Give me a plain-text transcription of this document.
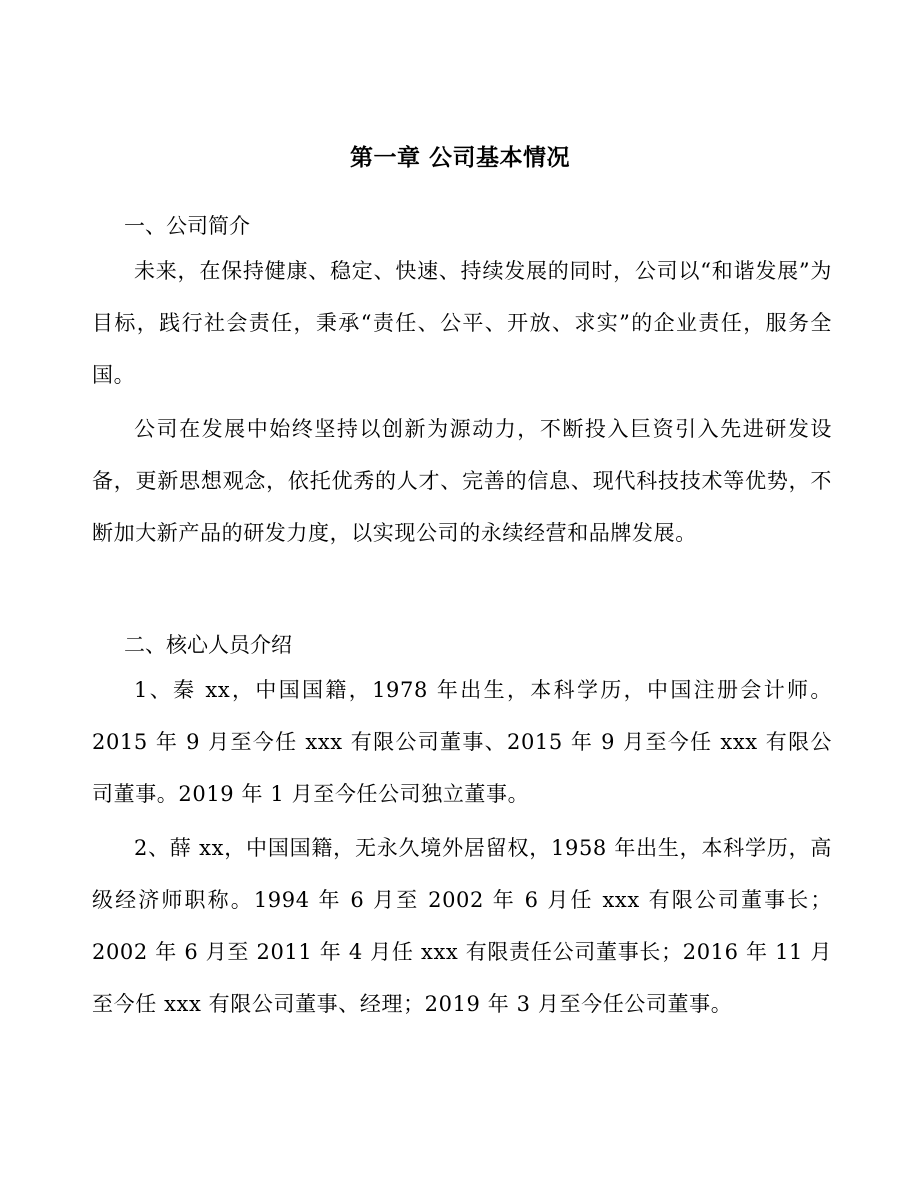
第一章 公司基本情况
一、公司简介

未来，在保持健康、稳定、快速、持续发展的同时，公司以“和谐发展”为目标，践行社会责任，秉承“责任、公平、开放、求实”的企业责任，服务全国。

公司在发展中始终坚持以创新为源动力，不断投入巨资引入先进研发设备，更新思想观念，依托优秀的人才、完善的信息、现代科技技术等优势，不断加大新产品的研发力度，以实现公司的永续经营和品牌发展。

二、核心人员介绍

1、秦 xx，中国国籍，1978 年出生，本科学历，中国注册会计师。2015 年 9 月至今任 xxx 有限公司董事、2015 年 9 月至今任 xxx 有限公司董事。2019 年 1 月至今任公司独立董事。

2、薛 xx，中国国籍，无永久境外居留权，1958 年出生，本科学历，高级经济师职称。1994 年 6 月至 2002 年 6 月任 xxx 有限公司董事长；2002 年 6 月至 2011 年 4 月任 xxx 有限责任公司董事长；2016 年 11 月至今任 xxx 有限公司董事、经理；2019 年 3 月至今任公司董事。
